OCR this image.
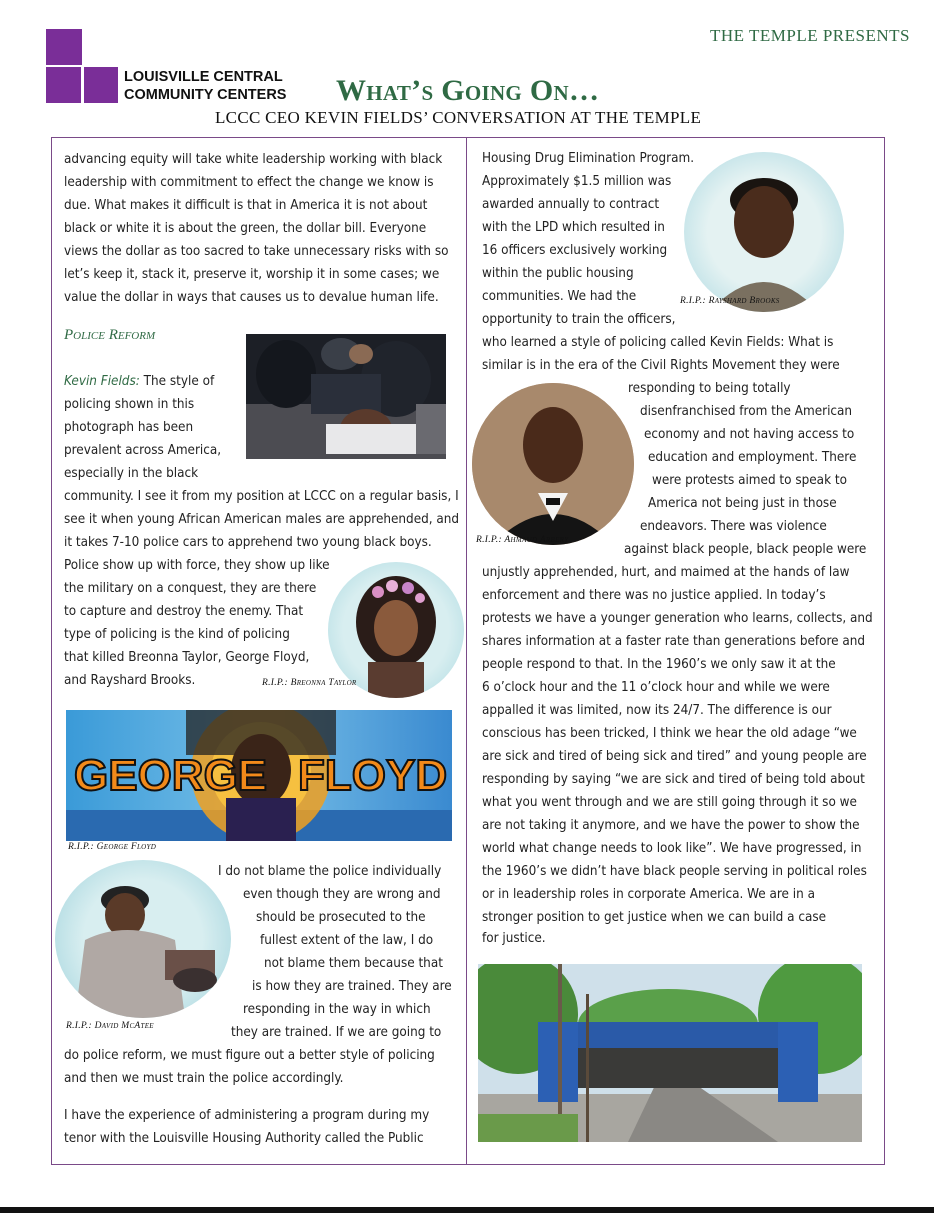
THE TEMPLE PRESENTS
LOUISVILLE CENTRAL
COMMUNITY CENTERS What’s Going On…
LCCC CEO KEVIN FIELDS’ CONVERSATION AT THE TEMPLE
advancing equity will take white leadership working with black
leadership with commitment to effect the change we know is
due. What makes it difficult is that in America it is not about
black or white it is about the green, the dollar bill. Everyone
views the dollar as too sacred to take unnecessary risks with so
let’s keep it, stack it, preserve it, worship it in some cases; we
value the dollar in ways that causes us to devalue human life.
Police Reform
Kevin Fields: The style of
policing shown in this
photograph has been
prevalent across America,
especially in the black
community. I see it from my position at LCCC on a regular basis, I
see it when young African American males are apprehended, and
it takes 7-10 police cars to apprehend two young black boys.
Police show up with force, they show up like
the military on a conquest, they are there
to capture and destroy the enemy. That
type of policing is the kind of policing
that killed Breonna Taylor, George Floyd,
and Rayshard Brooks.	R.I.P.: Breonna Taylor
GEORGE FLOYD
R.I.P.: George Floyd
R.I.P.: David McAtee
I do not blame the police individually
even though they are wrong and
should be prosecuted to the
fullest extent of the law, I do
not blame them because that
is how they are trained. They are
responding in the way in which
they are trained. If we are going to
do police reform, we must figure out a better style of policing
and then we must train the police accordingly.
I have the experience of administering a program during my
tenor with the Louisville Housing Authority called the Public
R.I.P.: Rayshard Brooks
R.I.P.: Ahmaud Arbery
Housing Drug Elimination Program.
Approximately $1.5 million was
awarded annually to contract
with the LPD which resulted in
16 officers exclusively working
within the public housing
communities. We had the
opportunity to train the officers,
who learned a style of policing called Kevin Fields: What is
similar is in the era of the Civil Rights Movement they were
responding to being totally
disenfranchised from the American
economy and not having access to
education and employment. There
were protests aimed to speak to
America not being just in those
endeavors. There was violence
against black people, black people were
unjustly apprehended, hurt, and maimed at the hands of law
enforcement and there was no justice applied. In today’s
protests we have a younger generation who learns, collects, and
shares information at a faster rate than generations before and
people respond to that. In the 1960’s we only saw it at the
6 o’clock hour and the 11 o’clock hour and while we were
appalled it was limited, now its 24/7. The difference is our
conscious has been tricked, I think we hear the old adage “we
are sick and tired of being sick and tired” and young people are
responding by saying “we are sick and tired of being told about
what you went through and we are still going through it so we
are not taking it anymore, and we have the power to show the
world what change needs to look like”. We have progressed, in
the 1960’s we didn’t have black people serving in political roles
or in leadership roles in corporate America. We are in a
stronger position to get justice when we can build a case
for justice.
